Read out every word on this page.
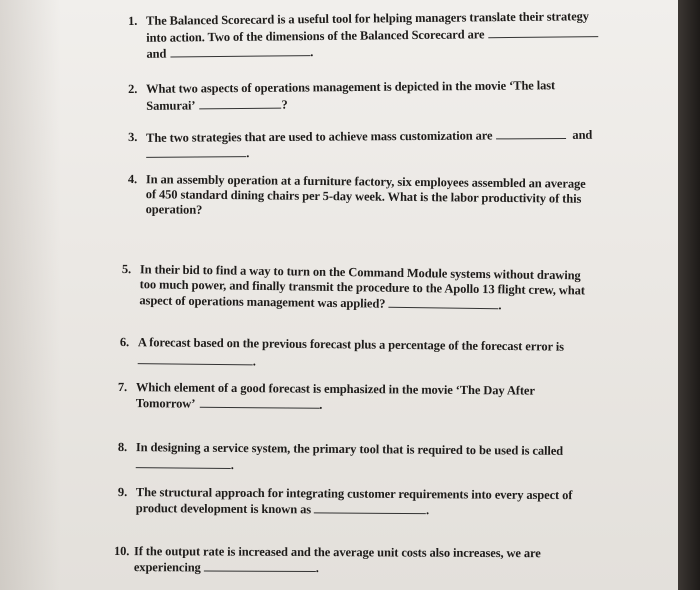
1. The Balanced Scorecard is a useful tool for helping managers translate their strategy
into action. Two of the dimensions of the Balanced Scorecard are
and	.
2. What two aspects of operations management is depicted in the movie ‘The last
Samurai’	?
3. The two strategies that are used to achieve mass customization are	and
.
4. In an assembly operation at a furniture factory, six employees assembled an average
of 450 standard dining chairs per 5-day week. What is the labor productivity of this
operation?
5. In their bid to find a way to turn on the Command Module systems without drawing
too much power, and finally transmit the procedure to the Apollo 13 flight crew, what
aspect of operations management was applied?	.
6. A forecast based on the previous forecast plus a percentage of the forecast error is
.
7. Which element of a good forecast is emphasized in the movie ‘The Day After
Tomorrow’	.
8. In designing a service system, the primary tool that is required to be used is called
.
9. The structural approach for integrating customer requirements into every aspect of
product development is known as	.
10. If the output rate is increased and the average unit costs also increases, we are
experiencing	.
